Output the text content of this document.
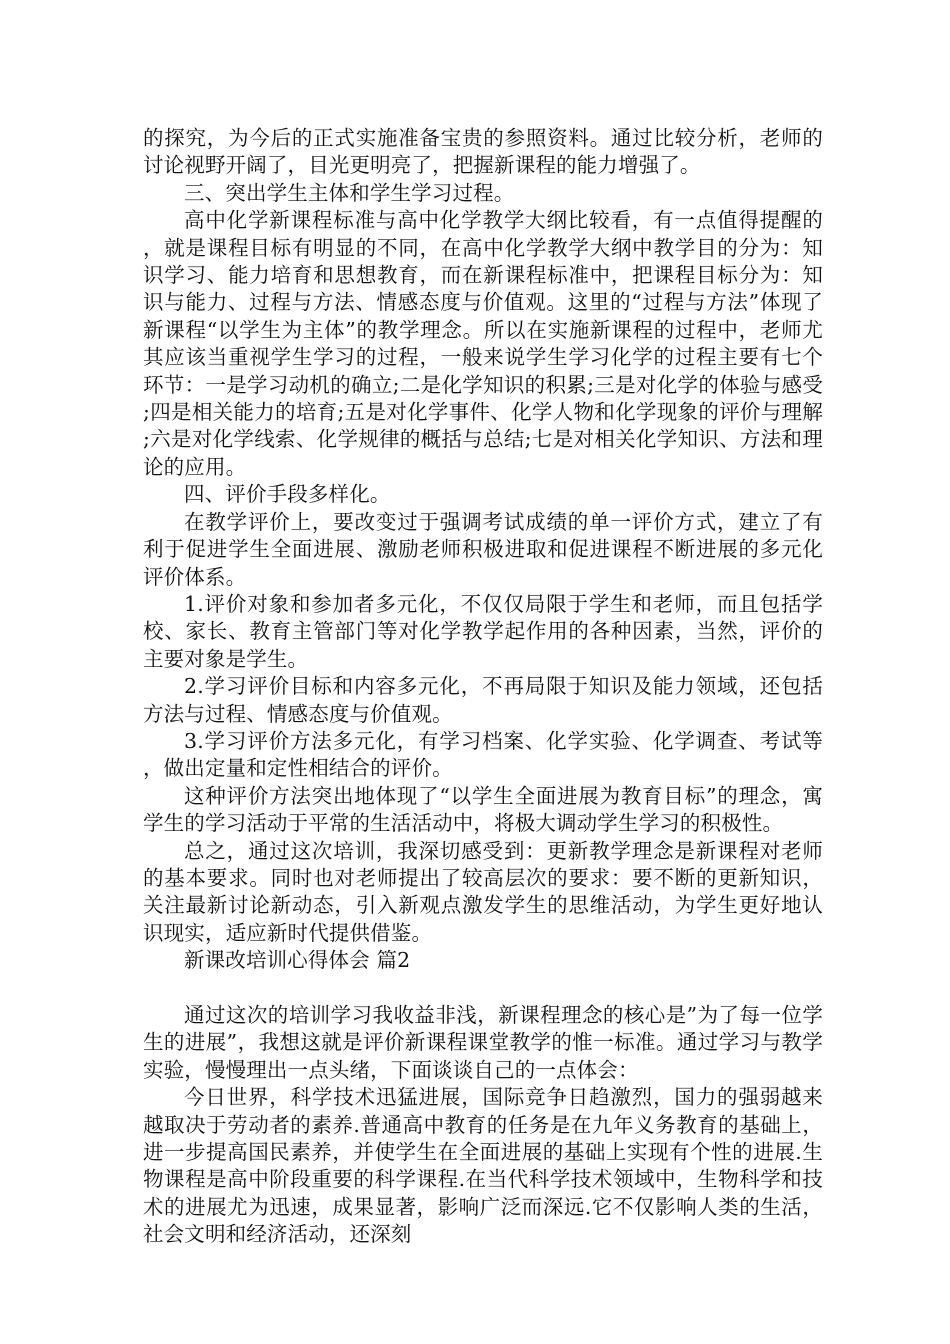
的探究，为今后的正式实施准备宝贵的参照资料。通过比较分析，老师的讨论视野开阔了，目光更明亮了，把握新课程的能力增强了。

三、突出学生主体和学生学习过程。

高中化学新课程标准与高中化学教学大纲比较看，有一点值得提醒的，就是课程目标有明显的不同，在高中化学教学大纲中教学目的分为：知识学习、能力培育和思想教育，而在新课程标准中，把课程目标分为：知识与能力、过程与方法、情感态度与价值观。这里的“过程与方法”体现了新课程“以学生为主体”的教学理念。所以在实施新课程的过程中，老师尤其应该当重视学生学习的过程，一般来说学生学习化学的过程主要有七个环节：一是学习动机的确立;二是化学知识的积累;三是对化学的体验与感受;四是相关能力的培育;五是对化学事件、化学人物和化学现象的评价与理解;六是对化学线索、化学规律的概括与总结;七是对相关化学知识、方法和理论的应用。

四、评价手段多样化。

在教学评价上，要改变过于强调考试成绩的单一评价方式，建立了有利于促进学生全面进展、激励老师积极进取和促进课程不断进展的多元化评价体系。

1.评价对象和参加者多元化，不仅仅局限于学生和老师，而且包括学校、家长、教育主管部门等对化学教学起作用的各种因素，当然，评价的主要对象是学生。

2.学习评价目标和内容多元化，不再局限于知识及能力领域，还包括方法与过程、情感态度与价值观。

3.学习评价方法多元化，有学习档案、化学实验、化学调查、考试等，做出定量和定性相结合的评价。

这种评价方法突出地体现了“以学生全面进展为教育目标”的理念，寓学生的学习活动于平常的生活活动中，将极大调动学生学习的积极性。

总之，通过这次培训，我深切感受到：更新教学理念是新课程对老师的基本要求。同时也对老师提出了较高层次的要求：要不断的更新知识，关注最新讨论新动态，引入新观点激发学生的思维活动，为学生更好地认识现实，适应新时代提供借鉴。

新课改培训心得体会 篇2

通过这次的培训学习我收益非浅，新课程理念的核心是”为了每一位学生的进展”，我想这就是评价新课程课堂教学的惟一标准。通过学习与教学实验，慢慢理出一点头绪，下面谈谈自己的一点体会：

今日世界，科学技术迅猛进展，国际竞争日趋激烈，国力的强弱越来越取决于劳动者的素养.普通高中教育的任务是在九年义务教育的基础上，进一步提高国民素养，并使学生在全面进展的基础上实现有个性的进展.生物课程是高中阶段重要的科学课程.在当代科学技术领域中，生物科学和技术的进展尤为迅速，成果显著，影响广泛而深远.它不仅影响人类的生活，社会文明和经济活动，还深刻
